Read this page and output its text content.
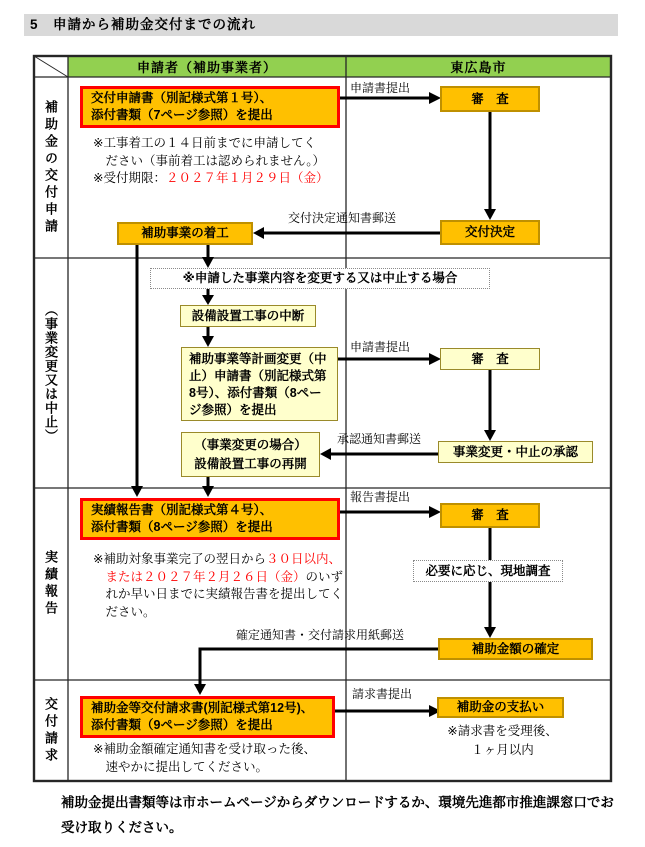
5　申請から補助金交付までの流れ
申請者（補助事業者）	東広島市
補助金の交付申請
（事業変更又は中止）
実績報告
交付請求
交付申請書（別記様式第１号）、
添付書類（7ページ参照）を提出
申請書提出
審　査
※工事着工の１４日前までに申請してく
ださい（事前着工は認められません。）
※受付期限：２０２７年１月２９日（金）
交付決定
交付決定通知書郵送
補助事業の着工
※申請した事業内容を変更する又は中止する場合
設備設置工事の中断
補助事業等計画変更（中
止）申請書（別記様式第
8号）、添付書類（8ペー
ジ参照）を提出
申請書提出
審　査
事業変更・中止の承認
承認通知書郵送
（事業変更の場合）
設備設置工事の再開
実績報告書（別記様式第４号）、
添付書類（8ページ参照）を提出
報告書提出
審　査
※補助対象事業完了の翌日から３０日以内、または２０２７年２月２６日（金）のいずれか早い日までに実績報告書を提出してください。
必要に応じ、現地調査
補助金額の確定
確定通知書・交付請求用紙郵送
補助金等交付請求書(別記様式第12号)、
添付書類（9ページ参照）を提出
請求書提出
補助金の支払い
※請求書を受理後、
１ヶ月以内
※補助金額確定通知書を受け取った後、
速やかに提出してください。
補助金提出書類等は市ホームページからダウンロードするか、環境先進都市推進課窓口でお受け取りください。
